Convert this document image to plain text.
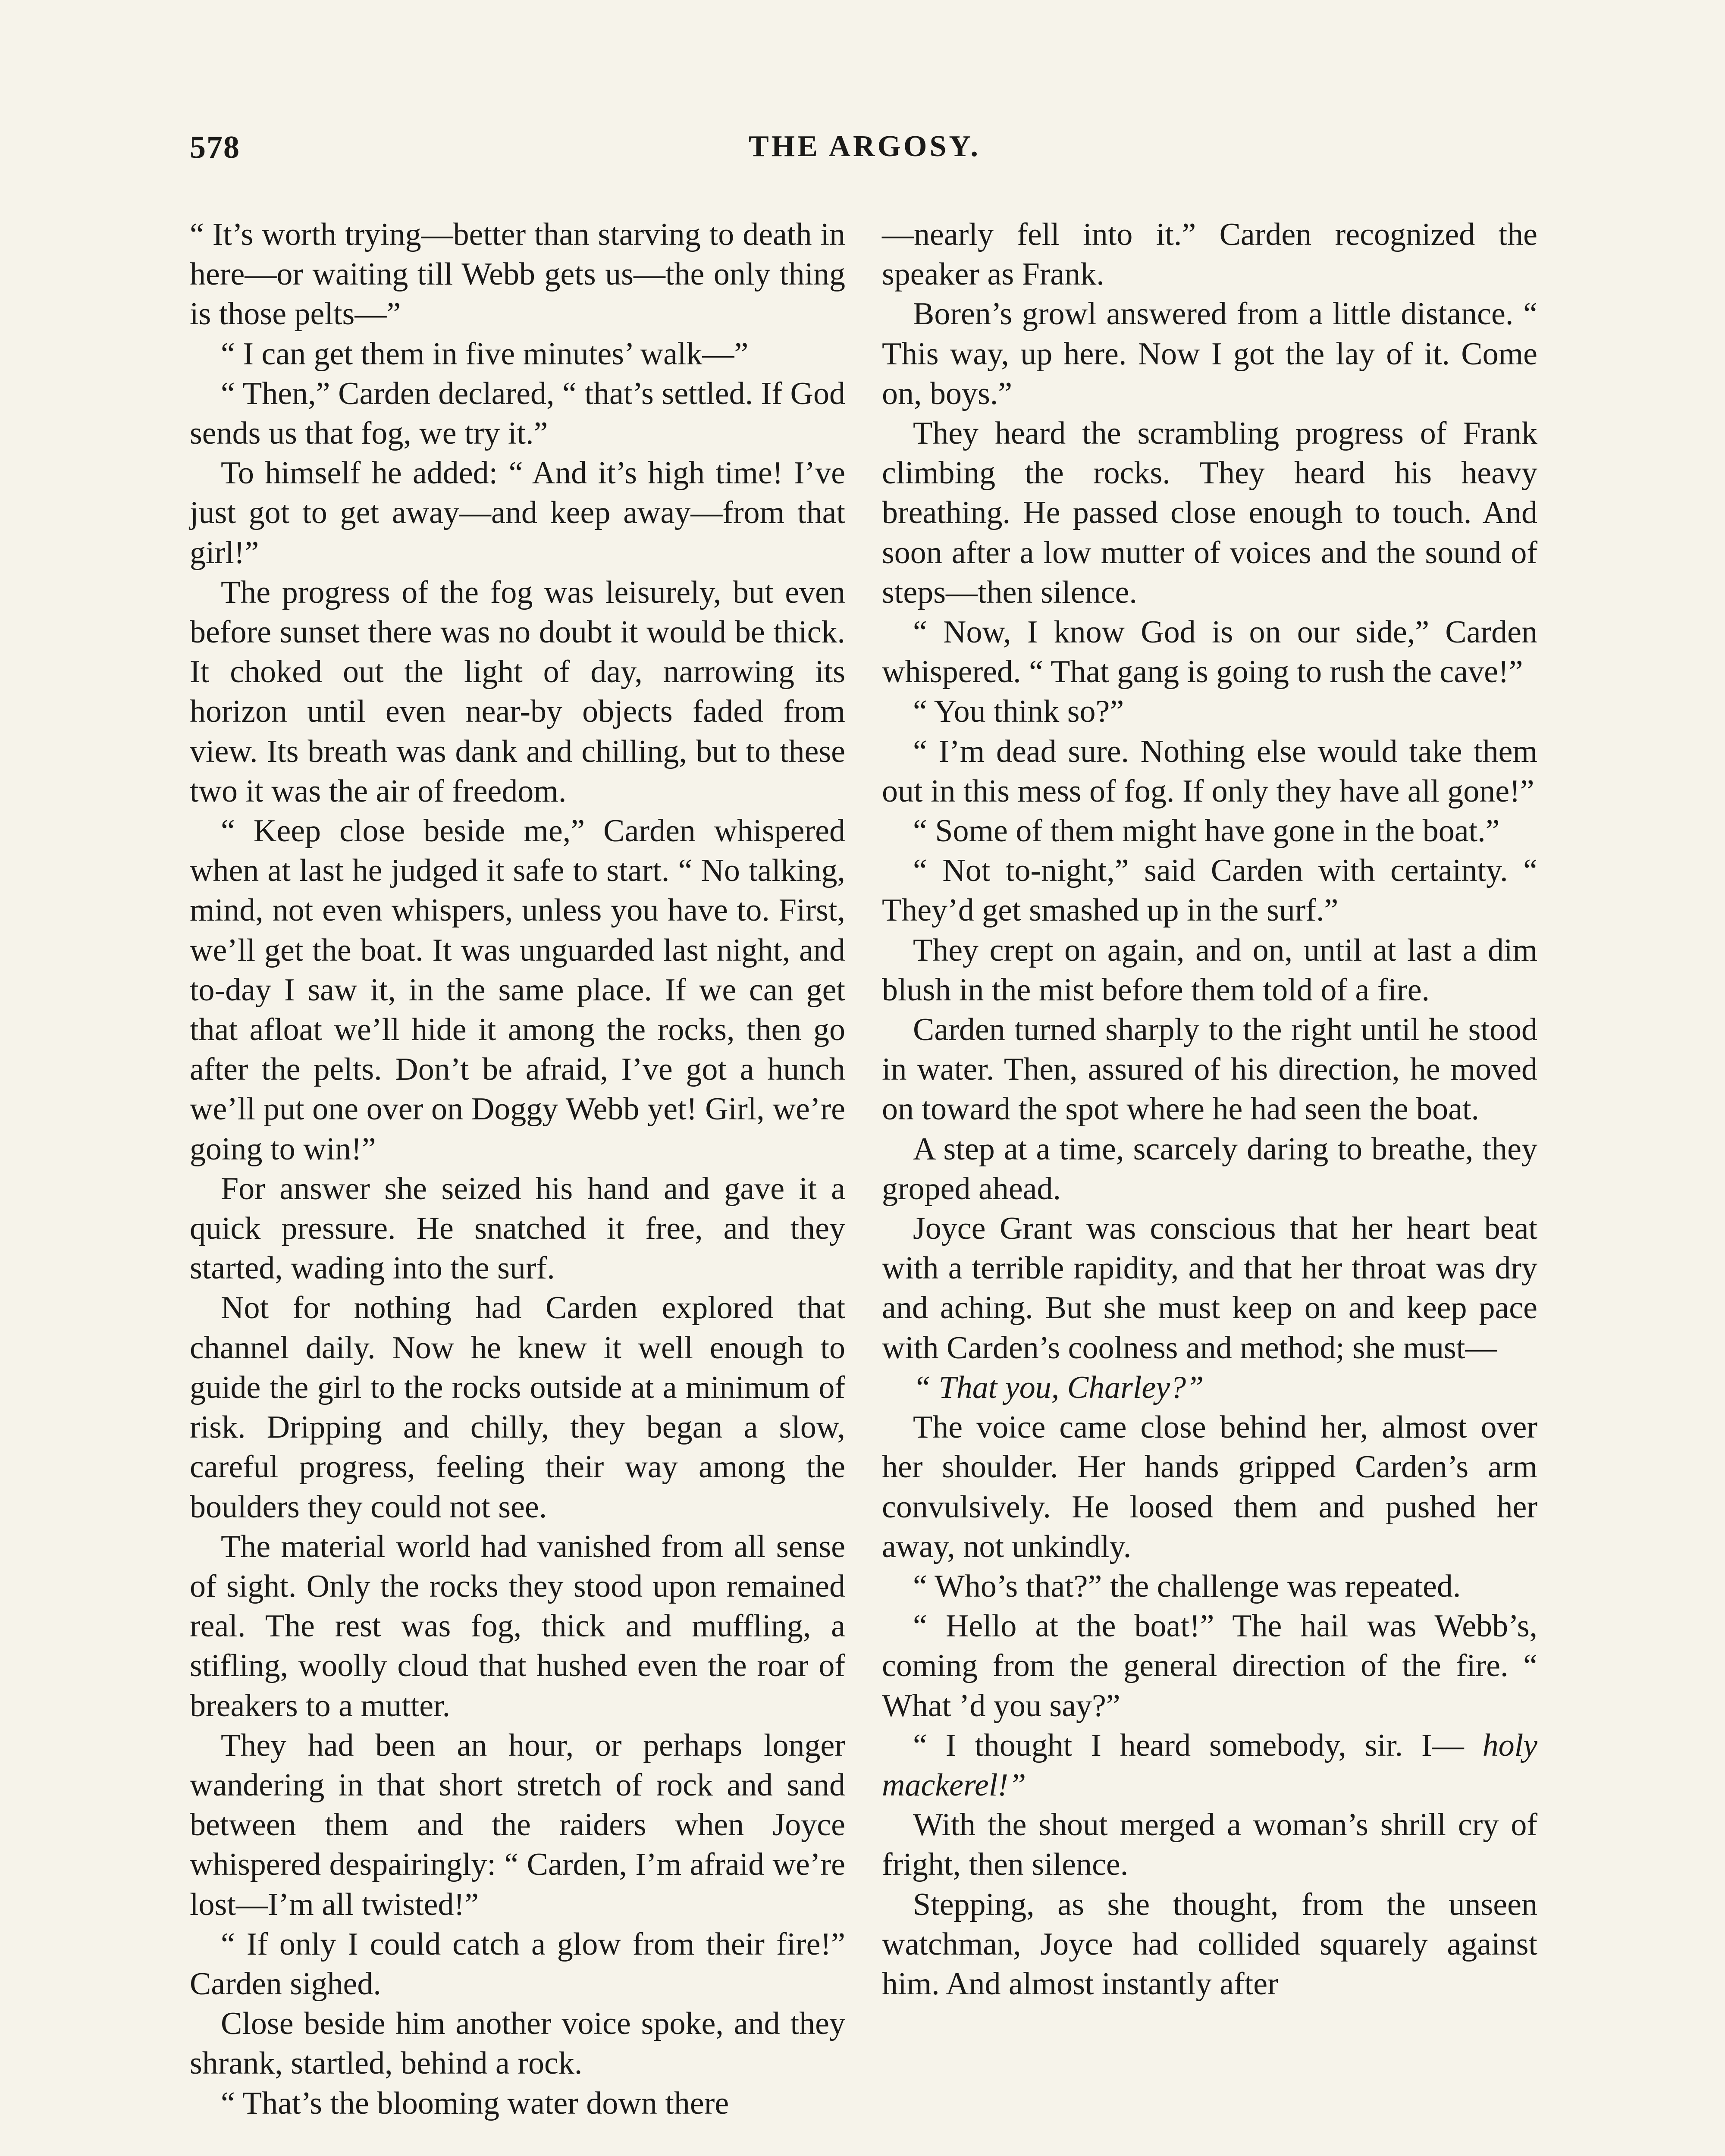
578	THE ARGOSY.

“ It’s worth trying—better than starving to death in here—or waiting till Webb gets us—the only thing is those pelts—”

“ I can get them in five minutes’ walk—”

“ Then,” Carden declared, “ that’s settled. If God sends us that fog, we try it.”

To himself he added: “ And it’s high time! I’ve just got to get away—and keep away—from that girl!”

The progress of the fog was leisurely, but even before sunset there was no doubt it would be thick. It choked out the light of day, narrowing its horizon until even near-by objects faded from view. Its breath was dank and chilling, but to these two it was the air of freedom.

“ Keep close beside me,” Carden whispered when at last he judged it safe to start. “ No talking, mind, not even whispers, unless you have to. First, we’ll get the boat. It was unguarded last night, and to-day I saw it, in the same place. If we can get that afloat we’ll hide it among the rocks, then go after the pelts. Don’t be afraid, I’ve got a hunch we’ll put one over on Doggy Webb yet! Girl, we’re going to win!”

For answer she seized his hand and gave it a quick pressure. He snatched it free, and they started, wading into the surf.

Not for nothing had Carden explored that channel daily. Now he knew it well enough to guide the girl to the rocks outside at a minimum of risk. Dripping and chilly, they began a slow, careful progress, feeling their way among the boulders they could not see.

The material world had vanished from all sense of sight. Only the rocks they stood upon remained real. The rest was fog, thick and muffling, a stifling, woolly cloud that hushed even the roar of breakers to a mutter.

They had been an hour, or perhaps longer wandering in that short stretch of rock and sand between them and the raiders when Joyce whispered despairingly: “ Carden, I’m afraid we’re lost—I’m all twisted!”

“ If only I could catch a glow from their fire!” Carden sighed.

Close beside him another voice spoke, and they shrank, startled, behind a rock.

“ That’s the blooming water down there

—nearly fell into it.” Carden recognized the speaker as Frank.

Boren’s growl answered from a little distance. “ This way, up here. Now I got the lay of it. Come on, boys.”

They heard the scrambling progress of Frank climbing the rocks. They heard his heavy breathing. He passed close enough to touch. And soon after a low mutter of voices and the sound of steps—then silence.

“ Now, I know God is on our side,” Carden whispered. “ That gang is going to rush the cave!”

“ You think so?”

“ I’m dead sure. Nothing else would take them out in this mess of fog. If only they have all gone!”

“ Some of them might have gone in the boat.”

“ Not to-night,” said Carden with certainty. “ They’d get smashed up in the surf.”

They crept on again, and on, until at last a dim blush in the mist before them told of a fire.

Carden turned sharply to the right until he stood in water. Then, assured of his direction, he moved on toward the spot where he had seen the boat.

A step at a time, scarcely daring to breathe, they groped ahead.

Joyce Grant was conscious that her heart beat with a terrible rapidity, and that her throat was dry and aching. But she must keep on and keep pace with Carden’s coolness and method; she must—

“ That you, Charley?”

The voice came close behind her, almost over her shoulder. Her hands gripped Carden’s arm convulsively. He loosed them and pushed her away, not unkindly.

“ Who’s that?” the challenge was repeated.

“ Hello at the boat!” The hail was Webb’s, coming from the general direction of the fire. “ What ’d you say?”

“ I thought I heard somebody, sir. I— holy mackerel!”

With the shout merged a woman’s shrill cry of fright, then silence.

Stepping, as she thought, from the unseen watchman, Joyce had collided squarely against him. And almost instantly after
